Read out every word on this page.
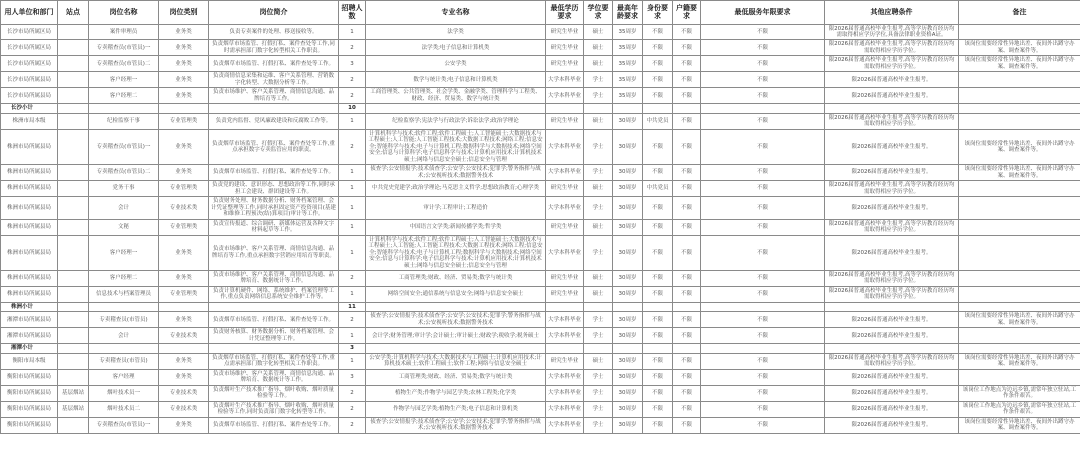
用人单位和部门	站点	岗位名称	岗位类别	岗位简介	招聘人数	专业名称	最低学历要求	学位要求	最高年龄要求	身份要求	户籍要求	最低服务年限要求	其他应聘条件	备注
长沙市局所属区局		案件审理员	业务类	负责专卖案件的处理、移送接收等。	1	法学类	研究生毕业	硕士	35周岁	不限	不限	不限	限2026届普通高校毕业生报考,高等学历教育经历均需取得相应学历学位,具备法律职业资格A证。	
长沙市局所属区局		专卖稽查员(市管员)一	业务类	负责烟草市场监管、打假打私、案件查处等工作,同时需承担部门数字化转型相关工作职责。	2	法学类;电子信息和计算机类	研究生毕业	硕士	35周岁	不限	不限	不限	限2026届普通高校毕业生报考,高等学历教育经历均需取得相应学历学位。	该岗位需要经常性异地出差、夜间外出蹲守办案、调查案件等。
长沙市局所属区局		专卖稽查员(市管员)二	业务类	负责烟草市场监管、打假打私、案件查处等工作。	3	公安学类	研究生毕业	硕士	35周岁	不限	不限	不限	限2026届普通高校毕业生报考,高等学历教育经历均需取得相应学历学位。	该岗位需要经常性异地出差、夜间外出蹲守办案、调查案件等。
长沙市局所属县局		客户经理一	业务类	负责商情信息采集和运维、客户关系管理、营销数字化转型、大数据分析等工作。	2	数学与统计类;电子信息和计算机类	大学本科毕业	学士	35周岁	不限	不限	不限	限2026届普通高校毕业生报考。	
长沙市局所属县局		客户经理二	业务类	负责市场维护、客户关系管理、商情信息沟通、品牌培育等工作。	2	工商管理类、公共管理类、社会学类、金融学类、管理科学与工程类、财政、经济、贸易类、数学与统计类	大学本科毕业	学士	35周岁	不限	不限	不限	限2026届普通高校毕业生报考。	
长沙小计					10									
株洲市局本级		纪检监察干事	专业管理类	负责党内监督、党风廉政建设和反腐败工作等。	1	纪检监察学;宪法学与行政法学;诉讼法学;政治学理论	研究生毕业	硕士	30周岁	中共党员	不限	不限	限2026届普通高校毕业生报考,高等学历教育经历均需取得相应学历学位。	
株洲市局所属县局		专卖稽查员(市管员)一	业务类	负责烟草市场监管、打假打私、案件查处等工作,重点承担数字专卖监管应用的职责。	2	计算机科学与技术;软件工程;软件工程硕士;人工智能硕士;大数据技术与工程硕士;人工智能;人工智能工程技术;大数据工程技术;网络工程;信息安全;智能科学与技术;电子与计算机工程;数据科学与大数据技术;网络空间安全;信息与计算科学;电子信息科学与技术;计算机应用技术;计算机技术硕士;网络与信息安全硕士;信息安全与管理	大学本科毕业	学士	30周岁	不限	不限	不限	限2026届普通高校毕业生报考。	该岗位需要经常性异地出差、夜间外出蹲守办案、调查案件等。
株洲市局所属县局		专卖稽查员(市管员)二	业务类	负责烟草市场监管、打假打私、案件查处等工作。	1	侦查学;公安情报学;技术侦查学;公安学;公安技术;犯罪学;警务指挥与战术;公安视听技术;数据警务技术	大学本科毕业	学士	30周岁	不限	不限	不限	限2026届普通高校毕业生报考。	该岗位需要经常性异地出差、夜间外出蹲守办案、调查案件等。
株洲市局所属县局		党务干事	专业管理类	负责党的建设、意识形态、思想政治等工作,同时承担工会建设、群团建设等工作。	1	中共党史党建学;政治学理论;马克思主义哲学;思想政治教育;心理学类	研究生毕业	硕士	30周岁	中共党员	不限	不限	限2026届普通高校毕业生报考,高等学历教育经历均需取得相应学历学位。	
株洲市局所属县局		会计	专业技术类	负责财务处理、财务数据分析、财务档案管理、会计凭证整理等工作,同时承担固定资产投资项目(基建和维修工程预决(结)算项目)审计等工作。	1	审计学;工程审计;工程造价	大学本科毕业	学士	30周岁	不限	不限	不限	限2026届普通高校毕业生报考。	
株洲市局所属县局		文秘	专业管理类	负责宣传报道、综合调研、新媒体运营及各种文字材料起草等工作。	1	中国语言文学类;新闻传播学类;哲学类	研究生毕业	硕士	30周岁	不限	不限	不限	限2026届普通高校毕业生报考,高等学历教育经历均需取得相应学历学位。	
株洲市局所属县局		客户经理一	业务类	负责市场维护、客户关系管理、商情信息沟通、品牌培育等工作,重点承担数字营销应用培育等职责。	1	计算机科学与技术;软件工程;软件工程硕士;人工智能硕士;大数据技术与工程硕士;人工智能;人工智能工程技术;大数据工程技术;网络工程;信息安全;智能科学与技术;电子与计算机工程;数据科学与大数据技术;网络空间安全;信息与计算科学;电子信息科学与技术;计算机应用技术;计算机技术硕士;网络与信息安全硕士;信息安全与管理	大学本科毕业	学士	30周岁	不限	不限	不限	限2026届普通高校毕业生报考。	
株洲市局所属县局		客户经理二	业务类	负责市场维护、客户关系管理、商情信息沟通、品牌培育、数据统计等工作。	2	工商管理类;财政、经济、贸易类;数学与统计类	研究生毕业	硕士	30周岁	不限	不限	不限	限2026届普通高校毕业生报考,高等学历教育经历均需取得相应学历学位。	
株洲市局所属县局		信息技术与档案管理员	专业管理类	负责计算机硬件、网络、系统维护、档案管理等工作,重点负责网络信息系统安全维护工作等。	1	网络空间安全;通信系统与信息安全;网络与信息安全硕士	研究生毕业	硕士	30周岁	不限	不限	不限	限2026届普通高校毕业生报考,高等学历教育经历均需取得相应学历学位。	
株洲小计					11									
湘潭市局所属县局		专卖稽查员(市管员)	业务类	负责烟草市场监管、打假打私、案件查处等工作。	2	侦查学;公安情报学;技术侦查学;公安学;公安技术;犯罪学;警务指挥与战术;公安视听技术;数据警务技术	大学本科毕业	学士	30周岁	不限	不限	不限	限2026届普通高校毕业生报考。	该岗位需要经常性异地出差、夜间外出蹲守办案、调查案件等。
湘潭市局所属县局		会计	专业技术类	负责财务核算、财务数据分析、财务档案管理、会计凭证整理等工作。	1	会计学;财务管理;审计学;会计硕士;审计硕士;财政学;税收学;税务硕士	大学本科毕业	学士	30周岁	不限	不限	不限	限2026届普通高校毕业生报考。	
湘潭小计					3									
衡阳市局本级		专卖稽查员(市管员)	业务类	负责烟草市场监管、打假打私、案件查处等工作,重点需承担部门数字化转型相关工作职责。	1	公安学类;计算机科学与技术;大数据技术与工程硕士;计算机应用技术;计算机技术硕士;软件工程硕士;软件工程;网络与信息安全硕士	研究生毕业	硕士	30周岁	不限	不限	不限	限2026届普通高校毕业生报考,高等学历教育经历均需取得相应学历学位。	该岗位需要经常性异地出差、夜间外出蹲守办案、调查案件等。
衡阳市局所属县局		客户经理	业务类	负责市场维护、客户关系管理、商情信息沟通、品牌培育、数据统计等工作。	3	工商管理类;财政、经济、贸易类;数学与统计类	大学本科毕业	学士	30周岁	不限	不限	不限	限2026届普通高校毕业生报考。	
衡阳市局所属县局	基层烟站	烟叶技术员一	专业技术类	负责烟叶生产技术推广指导、烟叶收购、烟叶质量检验等工作。	2	植物生产类;作物学与园艺学类;农林工程类;化学类	大学本科毕业	学士	30周岁	不限	不限	不限	限2026届普通高校毕业生报考。	该岗位工作地点为边远乡镇,需常年独立驻站,工作条件艰苦。
衡阳市局所属县局	基层烟站	烟叶技术员二	专业技术类	负责烟叶生产技术推广指导、烟叶收购、烟叶质量检验等工作,同时负责部门数字化转型等工作。	2	作物学与园艺学类;植物生产类;电子信息和计算机类	大学本科毕业	学士	30周岁	不限	不限	不限	限2026届普通高校毕业生报考。	该岗位工作地点为边远乡镇,需常年独立驻站,工作条件艰苦。
衡阳市局所属县局		专卖稽查员(市管员)一	业务类	负责烟草市场监管、打假打私、案件查处等工作。	2	侦查学;公安情报学;技术侦查学;公安学;公安技术;犯罪学;警务指挥与战术;公安视听技术;数据警务技术	大学本科毕业	学士	30周岁	不限	不限	不限	限2026届普通高校毕业生报考。	该岗位需要经常性异地出差、夜间外出蹲守办案、调查案件等。
